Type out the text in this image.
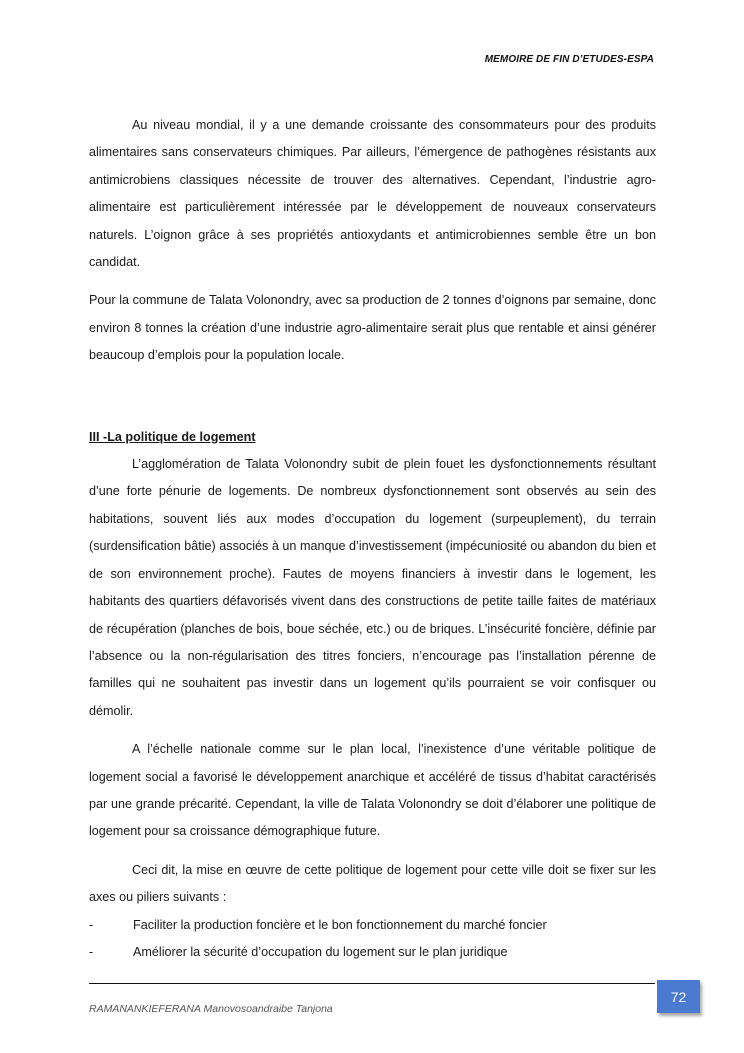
MEMOIRE DE FIN D’ETUDES-ESPA

Au niveau mondial, il y a une demande croissante des consommateurs pour des produits alimentaires sans conservateurs chimiques. Par ailleurs, l’émergence de pathogènes résistants aux antimicrobiens classiques nécessite de trouver des alternatives. Cependant, l’industrie agro-alimentaire est particulièrement intéressée par le développement de nouveaux conservateurs naturels. L’oignon grâce à ses propriétés antioxydants et antimicrobiennes semble être un bon candidat.

Pour la commune de Talata Volonondry, avec sa production de 2 tonnes d’oignons par semaine, donc environ 8 tonnes la création d’une industrie agro-alimentaire serait plus que rentable et ainsi générer beaucoup d’emplois pour la population locale.

III -La politique de logement

L’agglomération de Talata Volonondry subit de plein fouet les dysfonctionnements résultant d’une forte pénurie de logements. De nombreux dysfonctionnement sont observés au sein des habitations, souvent liés aux modes d’occupation du logement (surpeuplement), du terrain (surdensification bâtie) associés à un manque d’investissement (impécuniosité ou abandon du bien et de son environnement proche). Fautes de moyens financiers à investir dans le logement, les habitants des quartiers défavorisés vivent dans des constructions de petite taille faites de matériaux de récupération (planches de bois, boue séchée, etc.) ou de briques. L’insécurité foncière, définie par l’absence ou la non-régularisation des titres fonciers, n’encourage pas l’installation pérenne de familles qui ne souhaitent pas investir dans un logement qu’ils pourraient se voir confisquer ou démolir.

A l’échelle nationale comme sur le plan local, l’inexistence d’une véritable politique de logement social a favorisé le développement anarchique et accéléré de tissus d’habitat caractérisés par une grande précarité. Cependant, la ville de Talata Volonondry se doit d’élaborer une politique de logement pour sa croissance démographique future.

Ceci dit, la mise en œuvre de cette politique de logement pour cette ville doit se fixer sur les axes ou piliers suivants :

-	Faciliter la production foncière et le bon fonctionnement du marché foncier
-	Améliorer la sécurité d’occupation du logement sur le plan juridique
RAMANANKIEFERANA Manovosoandraibe Tanjona
72
